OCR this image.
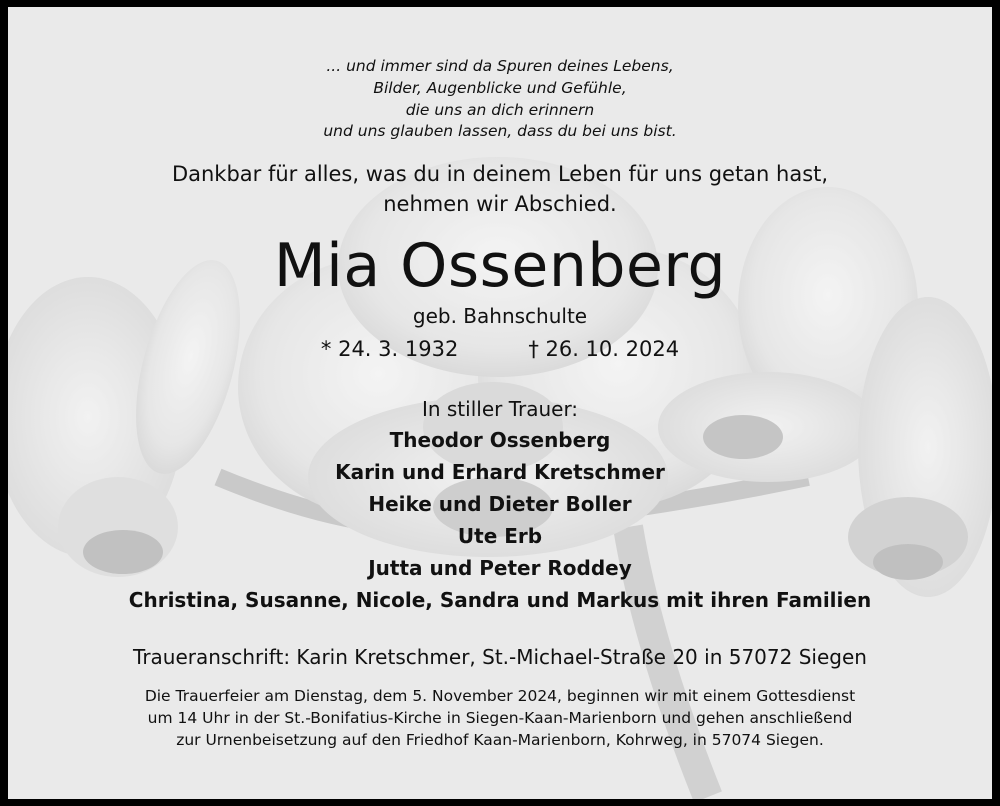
... und immer sind da Spuren deines Lebens,
Bilder, Augenblicke und Gefühle,
die uns an dich erinnern
und uns glauben lassen, dass du bei uns bist.
Dankbar für alles, was du in deinem Leben für uns getan hast,
nehmen wir Abschied.
Mia Ossenberg
geb. Bahnschulte
* 24. 3. 1932	† 26. 10. 2024
In stiller Trauer:
Theodor Ossenberg
Karin und Erhard Kretschmer
Heike und Dieter Boller
Ute Erb
Jutta und Peter Roddey
Christina, Susanne, Nicole, Sandra und Markus mit ihren Familien
Traueranschrift: Karin Kretschmer, St.-Michael-Straße 20 in 57072 Siegen
Die Trauerfeier am Dienstag, dem 5. November 2024, beginnen wir mit einem Gottesdienst
um 14 Uhr in der St.-Bonifatius-Kirche in Siegen-Kaan-Marienborn und gehen anschließend
zur Urnenbeisetzung auf den Friedhof Kaan-Marienborn, Kohrweg, in 57074 Siegen.
